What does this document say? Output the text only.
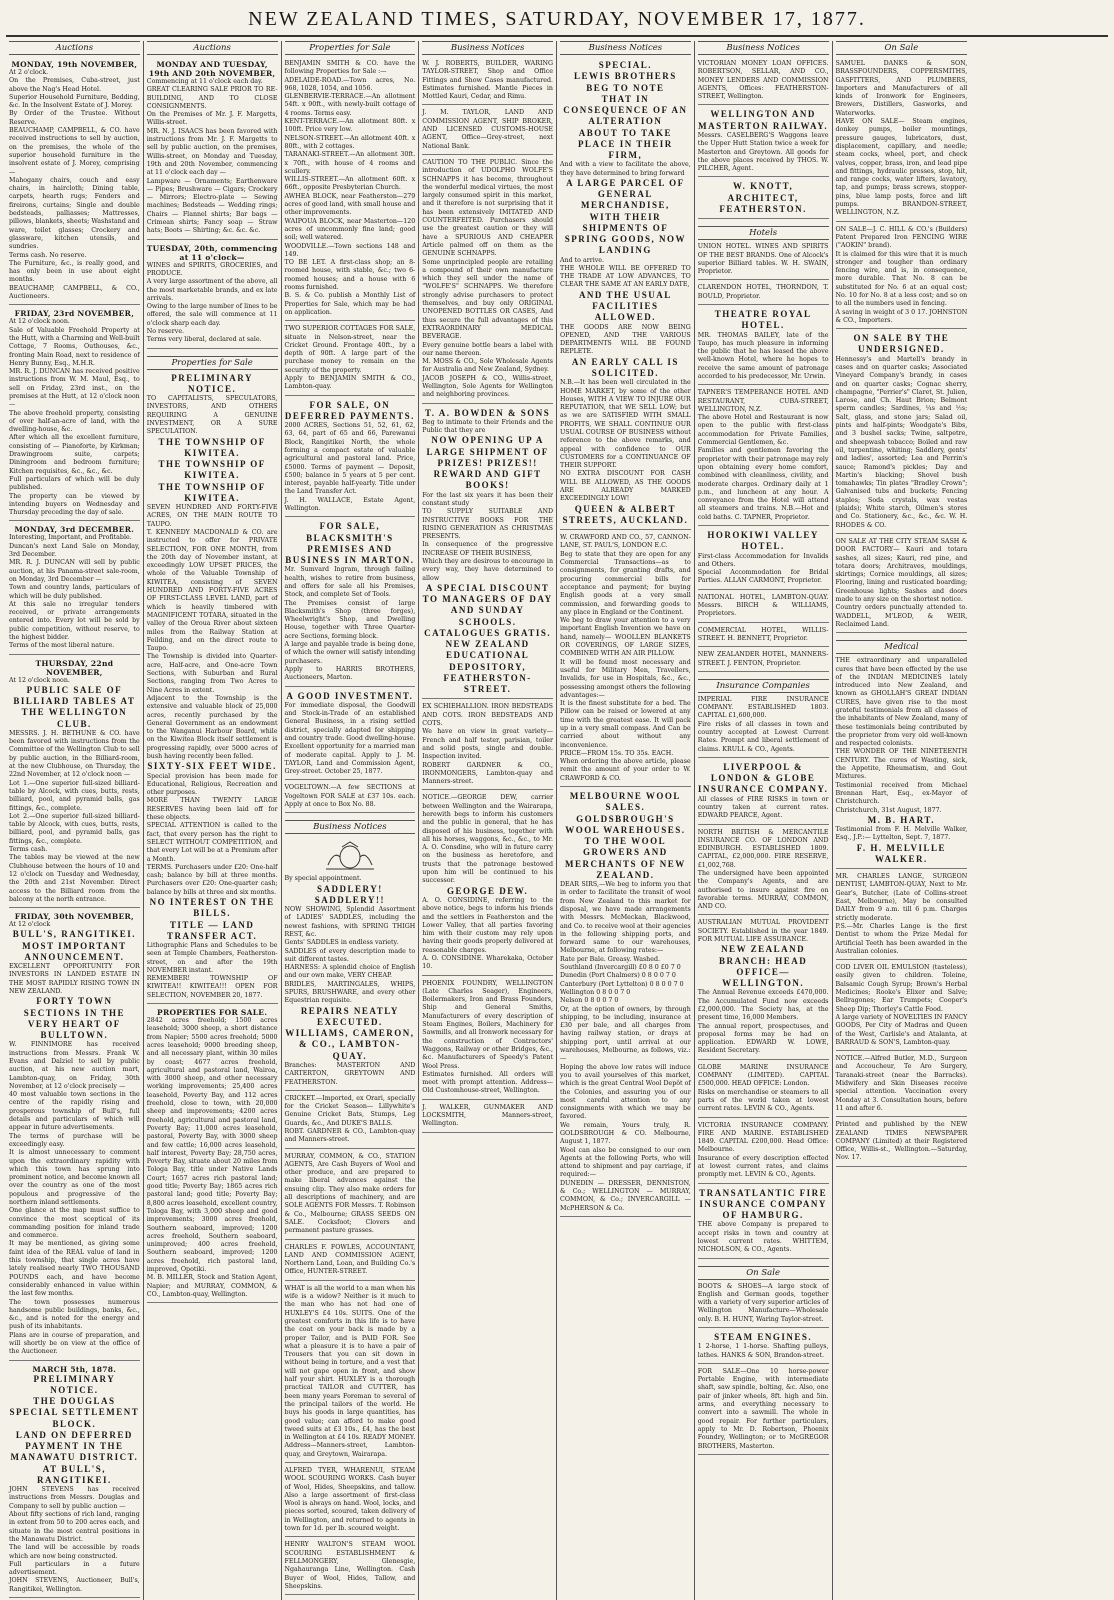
NEW ZEALAND TIMES, SATURDAY, NOVEMBER 17, 1877.
Auctions
MONDAY, 19th NOVEMBER,
At 2 o'clock.
On the Premises, Cuba-street, just above the Nag's Head Hotel.
Superior Household Furniture, Bedding, &c. In the Insolvent Estate of J. Morey.
By Order of the Trustee. Without Reserve.
BEAUCHAMP, CAMPBELL, & CO. have received instructions to sell by auction, on the premises, the whole of the superior household furniture in the insolvent estate of J. Morey, comprising —
Mahogany chairs, couch and easy chairs, in haircloth; Dining table, carpets, hearth rugs; Fenders and fireirons, curtains; Single and double bedsteads, palliasses; Mattresses, pillows, blankets, sheets; Washstand and ware, toilet glasses; Crockery and glassware, kitchen utensils, and sundries.
Terms cash. No reserve.
The Furniture, &c., is really good, and has only been in use about eight months.
BEAUCHAMP, CAMPBELL, & CO., Auctioneers.
FRIDAY, 23rd NOVEMBER,
At 12 o'clock noon.
Sale of Valuable Freehold Property at the Hutt, with a Charming and Well-built Cottage, 7 Rooms, Outhouses, &c., fronting Main Road, next to residence of Henry Bunny, Esq., M.H.R.
MR. R. J. DUNCAN has received positive instructions from W. M. Maul, Esq., to sell on Friday, 23rd inst., on the premises at the Hutt, at 12 o'clock noon —
The above freehold property, consisting of over half-an-acre of land, with the dwelling-house, &c.
After which all the excellent furniture, consisting of — Pianoforte, by Kirkman; Drawingroom suite, carpets; Diningroom and bedroom furniture; Kitchen requisites, &c., &c., &c.
Full particulars of which will be duly published.
The property can be viewed by intending buyers on Wednesday and Thursday preceding the day of sale.
MONDAY, 3rd DECEMBER.
Interesting, Important, and Profitable.
Duncan's next Land Sale on Monday, 3rd December.
MR. R. J. DUNCAN will sell by public auction, at his Panama-street sale-room, on Monday, 3rd December —
Town and country lands, particulars of which will be duly published.
At this sale no irregular tenders received, or private arrangements entered into. Every lot will be sold by public competition, without reserve, to the highest bidder.
Terms of the most liberal nature.
THURSDAY, 22nd NOVEMBER,
At 12 o'clock noon.
PUBLIC SALE OF BILLIARD TABLES AT THE WELLINGTON CLUB.
MESSRS. J. H. BETHUNE & CO. have been favored with instructions from the Committee of the Wellington Club to sell by public auction, in the Billiard-room, at the new Clubhouse, on Thursday, the 22nd November, at 12 o'clock noon —
Lot 1.—One superior full-sized billiard-table by Alcock, with cues, butts, rests, billiard, pool, and pyramid balls, gas fittings, &c., complete.
Lot 2.—One superior full-sized billiard-table by Alcock, with cues, butts, rests, billiard, pool, and pyramid balls, gas fittings, &c., complete.
Terms cash.
The tables may be viewed at the new Clubhouse between the hours of 10 and 12 o'clock on Tuesday and Wednesday, the 20th and 21st November. Direct access to the Billiard room from the balcony at the north entrance.
FRIDAY, 30th NOVEMBER,
At 12 o'clock
BULL'S, RANGITIKEI.
MOST IMPORTANT ANNOUNCEMENT.
EXCELLENT OPPORTUNITY FOR INVESTORS IN LANDED ESTATE IN THE MOST RAPIDLY RISING TOWN IN NEW ZEALAND.
FORTY TOWN SECTIONS IN THE VERY HEART OF BULLTOWN.
W. FINNIMORE has received instructions from Messrs. Frank W. Evans and Dalziel to sell by public auction, at his new auction mart, Lambton-quay, on Friday, 30th November, at 12 o'clock precisely —
40 most valuable town sections in the centre of the rapidly rising and prosperous township of Bull's, full details and particulars of which will appear in future advertisements.
The terms of purchase will be exceedingly easy.
It is almost unnecessary to comment upon the extraordinary rapidity with which this town has sprung into prominent notice, and become known all over the country as one of the most populous and progressive of the northern inland settlements.
One glance at the map must suffice to convince the most sceptical of its commanding position for inland trade and commerce.
It may be mentioned, as giving some faint idea of the REAL value of land in this township, that single acres have lately realised nearly TWO THOUSAND POUNDS each, and have become considerably enhanced in value within the last few months.
The town possesses numerous handsome public buildings, banks, &c., &c., and is noted for the energy and push of its inhabitants.
Plans are in course of preparation, and will shortly be on view at the office of the Auctioneer.
MARCH 5th, 1878.
PRELIMINARY NOTICE.
THE DOUGLAS SPECIAL SETTLEMENT BLOCK.
LAND ON DEFERRED PAYMENT IN THE MANAWATU DISTRICT.
AT BULL'S, RANGITIKEI.
JOHN STEVENS has received instructions from Messrs. Douglas and Company to sell by public auction —
About fifty sections of rich land, ranging in extent from 50 to 200 acres each, and situate in the most central positions in the Manawatu District.
The land will be accessible by roads which are now being constructed.
Full particulars in a future advertisement.
JOHN STEVENS, Auctioneer, Bull's, Rangitikei, Wellington.
Auctions
MONDAY AND TUESDAY, 19th AND 20th NOVEMBER,
Commencing at 11 o'clock each day.
GREAT CLEARING SALE PRIOR TO RE-BUILDING, AND TO CLOSE CONSIGNMENTS.
On the Premises of Mr. J. F. Margetts, Willis-street.
MR. N. J. ISAACS has been favored with instructions from Mr. J. F. Margetts to sell by public auction, on the premises, Willis-street, on Monday and Tuesday, 19th and 20th November, commencing at 11 o'clock each day —
Lampware — Ornaments; Earthenware — Pipes; Brushware — Cigars; Crockery — Mirrors; Electro-plate — Sewing machines; Bedsteads — Wedding rings; Chairs — Flannel shirts; Bar bags — Crimean shirts; Fancy soap — Straw hats; Boots — Shirting; &c. &c. &c.
TUESDAY, 20th, commencing at 11 o'clock—
WINES and SPIRITS, GROCERIES, and PRODUCE.
A very large assortment of the above, all the most marketable brands, and ex late arrivals.
Owing to the large number of lines to be offered, the sale will commence at 11 o'clock sharp each day.
No reserve.
Terms very liberal, declared at sale.
Properties for Sale
PRELIMINARY NOTICE.
TO CAPITALISTS, SPECULATORS, INVESTORS, AND OTHERS REQUIRING A GENUINE INVESTMENT, OR A SURE SPECULATION.
THE TOWNSHIP OF KIWITEA.
THE TOWNSHIP OF KIWITEA.
THE TOWNSHIP OF KIWITEA.
SEVEN HUNDRED AND FORTY-FIVE ACRES, ON THE MAIN ROUTE TO TAUPO.
T. KENNEDY MACDONALD & CO. are instructed to offer for PRIVATE SELECTION, FOR ONE MONTH, from the 20th day of November instant, at exceedingly LOW UPSET PRICES, the whole of the Valuable Township of KIWITEA, consisting of SEVEN HUNDRED AND FORTY-FIVE ACRES OF FIRST-CLASS LEVEL LAND, part of which is heavily timbered with MAGNIFICENT TOTARA, situated in the valley of the Oroua River about sixteen miles from the Railway Station at Feilding, and on the direct route to Taupo.
The Township is divided into Quarter-acre, Half-acre, and One-acre Town Sections, with Suburban and Rural Sections, ranging from Two Acres to Nine Acres in extent.
Adjacent to the Township is the extensive and valuable block of 25,000 acres, recently purchased by the General Government as an endowment to the Wanganui Harbour Board, while on the Kiwitea Block itself settlement is progressing rapidly, over 5000 acres of bush having recently been felled.
SIXTY-SIX FEET WIDE.
Special provision has been made for Educational, Religious, Recreation and other purposes.
MORE THAN TWENTY LARGE RESERVES having been laid off for these objects.
SPECIAL ATTENTION is called to the fact, that every person has the right to SELECT WITHOUT COMPETITION, and that every Lot will be at a Premium after a Month.
TERMS. Purchasers under £20: One-half cash; balance by bill at three months. Purchasers over £20: One-quarter cash; balance by bills at three and six months.
NO INTEREST ON THE BILLS.
TITLE — LAND TRANSFER ACT.
Lithographic Plans and Schedules to be seen at Temple Chambers, Featherston-street, on and after the 19th NOVEMBER instant.
REMEMBER! TOWNSHIP OF KIWITEA!! KIWITEA!!! OPEN FOR SELECTION, NOVEMBER 20, 1877.
PROPERTIES FOR SALE.
2842 acres freehold; 1500 acres leasehold; 3000 sheep, a short distance from Napier; 5500 acres freehold; 5000 acres leasehold; 9000 breeding sheep, and all necessary plant, within 30 miles by coast; 4677 acres freehold, agricultural and pastoral land, Wairoa, with 3000 sheep, and other necessary working improvements; 25,400 acres leasehold, Poverty Bay, and 112 acres freehold, close to town, with 20,000 sheep and improvements; 4200 acres freehold, agricultural and pastoral land, Poverty Bay; 11,000 acres leasehold, pastoral, Poverty Bay, with 3000 sheep and few cattle; 16,000 acres leasehold, half interest, Poverty Bay; 28,750 acres, Poverty Bay, situate about 20 miles from Tologa Bay, title under Native Lands Court; 1657 acres rich pastoral land; good title; Poverty Bay; 1865 acres rich pastoral land; good title; Poverty Bay; 8,800 acres leasehold, excellent country, Tologa Bay, with 3,000 sheep and good improvements; 3000 acres freehold, Southern seaboard, improved; 1200 acres freehold, Southern seaboard, unimproved; 400 acres freehold, Southern seaboard, improved; 1200 acres freehold, rich pastoral land, improved, Opotiki.
M. B. MILLER, Stock and Station Agent, Napier; and MURRAY, COMMON, & CO., Lambton-quay, Wellington.
Properties for Sale
BENJAMIN SMITH & CO. have the following Properties for Sale :—
ADELAIDE-ROAD.—Town acres, No. 968, 1028, 1054, and 1056.
GLENBERVIE-TERRACE.—An allotment 54ft. x 90ft., with newly-built cottage of 4 rooms. Terms easy.
KENT-TERRACE.—An allotment 80ft. x 100ft. Price very low.
NELSON-STREET.—An allotment 40ft. x 80ft., with 2 cottages.
TARANAKI-STREET.—An allotment 30ft. x 70ft., with house of 4 rooms and scullery.
WILLIS-STREET.—An allotment 60ft. x 66ft., opposite Presbyterian Church.
AWHEA BLOCK, near Featherston—279 acres of good land, with small house and other improvements.
WAIPOUA BLOCK, near Masterton—120 acres of uncommonly fine land; good soil; well watered.
WOODVILLE.—Town sections 148 and 149.
TO BE LET. A first-class shop; an 8-roomed house, with stable, &c.; two 6-roomed houses; and a house with 6 rooms furnished.
B. S. & Co. publish a Monthly List of Properties for Sale, which may be had on application.
TWO SUPERIOR COTTAGES FOR SALE, situate in Nelson-street, near the Cricket Ground. Frontage 40ft., by a depth of 90ft. A large part of the purchase money to remain on the security of the property.
Apply to BENJAMIN SMITH & CO., Lambton-quay.
FOR SALE, ON DEFERRED PAYMENTS.
2000 ACRES, Sections 51, 52, 61, 62, 63, 64, part of 65 and 66, Parewanui Block, Rangitikei North, the whole forming a compact estate of valuable agricultural and pastoral land. Price, £5000. Terms of payment — Deposit, £500; balance in 5 years at 5 per cent. interest, payable half-yearly. Title under the Land Transfer Act.
J. H. WALLACE, Estate Agent, Wellington.
FOR SALE, BLACKSMITH'S PREMISES AND BUSINESS IN MARTON.
Mr. Sumvard Ingram, through failing health, wishes to retire from business, and offers for sale all his Premises, Stock, and complete Set of Tools.
The Premises consist of large Blacksmith's Shop (three forges), Wheelwright's Shop, and Dwelling House, together with Three Quarter-acre Sections, forming block.
A large and payable trade is being done, of which the owner will satisfy intending purchasers.
Apply to HARRIS BROTHERS, Auctioneers, Marton.
A GOOD INVESTMENT.
For immediate disposal, the Goodwill and Stock-in-Trade of an established General Business, in a rising settled district, specially adapted for shipping and country trade. Good dwelling-house. Excellent opportunity for a married man of moderate capital. Apply to J. M. TAYLOR, Land and Commission Agent, Grey-street. October 25, 1877.
VOGELTOWN.—A few SECTIONS at Vogeltown FOR SALE at £37 10s. each. Apply at once to Box No. 88.
Business Notices
By special appointment.
SADDLERY! SADDLERY!!
NOW SHOWING, Splendid Assortment of LADIES' SADDLES, including the newest fashions, with SPRING THIGH REST, &c.
Gents' SADDLES in endless variety.
SADDLES of every description made to suit different tastes.
HARNESS: A splendid choice of English and our own make, VERY CHEAP.
BRIDLES, MARTINGALES, WHIPS, SPURS, BRUSHWARE, and every other Equestrian requisite.
REPAIRS NEATLY EXECUTED.
WILLIAMS, CAMERON, & CO., LAMBTON-QUAY.
Branches: MASTERTON AND CARTERTON, GREYTOWN AND FEATHERSTON.
CRICKET.—Imported, ex Orari, specially for the Cricket Season— Lillywhite's Genuine Cricket Bats, Stumps, Leg Guards, &c., And DUKE'S BALLS.
ROBT. GARDNER & CO., Lambton-quay and Manners-street.
MURRAY, COMMON, & CO., STATION AGENTS, Are Cash Buyers of Wool and other produce, and are prepared to make liberal advances against the ensuing clip. They also make orders for all descriptions of machinery, and are SOLE AGENTS FOR Messrs. T. Robinson & Co., Melbourne; GRASS SEEDS ON SALE. Cocksfoot; Clovers and permanent pasture grasses.
CHARLES F. FOWLES, ACCOUNTANT, LAND AND COMMISSION AGENT, Northern Land, Loan, and Building Co.'s Office, HUNTER-STREET.
WHAT is all the world to a man when his wife is a widow? Neither is it much to the man who has not had one of HUXLEY'S £4 10s. SUITS. One of the greatest comforts in this life is to have the coat on your back is made by a proper Tailor, and is PAID FOR. See what a pleasure it is to have a pair of Trousers that you can sit down in without being in torture, and a vest that will not gape open in front, and show half your shirt. HUXLEY is a thorough practical TAILOR and CUTTER, has been many years Foreman to several of the principal tailors of the world. He buys his goods in large quantities, has good value; can afford to make good tweed suits at £3 10s., £4, has the best in Wellington at £4 10s. READY MONEY. Address—Manners-street, Lambton-quay, and Greytown, Wairarapa.
ALFRED TYER, WHARENUI, STEAM WOOL SCOURING WORKS. Cash buyer of Wool, Hides, Sheepskins, and tallow. Also a large assortment of first-class Wool is always on hand. Wool, locks, and pieces sorted, scoured, taken delivery of in Wellington, and returned to agents in town for 1d. per lb. scoured weight.
HENRY WALTON'S STEAM WOOL SCOURING ESTABLISHMENT & FELLMONGERY, Glenesgie, Ngahauranga Line, Wellington. Cash Buyer of Wool, Hides, Tallow, and Sheepskins.
Business Notices
W. J. ROBERTS, BUILDER, WARING TAYLOR-STREET, Shop and Office Fittings and Show Cases manufactured. Estimates furnished. Mantle Pieces in Mottled Kauri, Cedar, and Rimu.
J. M. TAYLOR, LAND AND COMMISSION AGENT, SHIP BROKER, AND LICENSED CUSTOMS-HOUSE AGENT, Office—Grey-street, next National Bank.
CAUTION TO THE PUBLIC. Since the introduction of UDOLPHO WOLFE'S SCHNAPPS it has become, throughout the wonderful medical virtues, the most largely consumed spirit in this market, and it therefore is not surprising that it has been extensively IMITATED AND COUNTERFEITED. Purchasers should use the greatest caution or they will have a SPURIOUS AND CHEAPER Article palmed off on them as the GENUINE SCHNAPPS.
Some unprincipled people are retailing a compound of their own manufacture which they sell under the name of "WOLFE'S" SCHNAPPS. We therefore strongly advise purchasers to protect themselves, and buy only ORIGINAL UNOPENED BOTTLES OR CASES, And thus secure the full advantages of this EXTRAORDINARY MEDICAL BEVERAGE.
Every genuine bottle bears a label with our name thereon.
M. MOSS & CO., Sole Wholesale Agents for Australia and New Zealand, Sydney.
JACOB JOSEPH & CO., Willis-street, Wellington, Sole Agents for Wellington and neighboring provinces.
T. A. BOWDEN & SONS
Beg to intimate to their Friends and the Public that they are
NOW OPENING UP A LARGE SHIPMENT OF PRIZES! PRIZES!!
REWARD AND GIFT BOOKS!
For the last six years it has been their constant study
TO SUPPLY SUITABLE AND INSTRUCTIVE BOOKS FOR THE RISING GENERATION AS CHRISTMAS PRESENTS.
In consequence of the progressive INCREASE OF THEIR BUSINESS,
Which they are desirous to encourage in every way, they have determined to allow
A SPECIAL DISCOUNT TO MANAGERS OF DAY AND SUNDAY SCHOOLS.
CATALOGUES GRATIS.
NEW ZEALAND EDUCATIONAL DEPOSITORY, FEATHERSTON-STREET.
EX SCHIEHALLION. IRON BEDSTEADS AND COTS. IRON BEDSTEADS AND COTS.
We have on view in great variety— French and half tester, parisian, toiler and solid posts, single and double. Inspection invited.
ROBERT GARDNER & CO., IRONMONGERS, Lambton-quay and Manners-street.
NOTICE.—GEORGE DEW, carrier between Wellington and the Wairarapa, herewith begs to inform his customers and the public in general, that he has disposed of his business, together with all his horses, waggons, &c., &c., to Mr. A. O. Consdine, who will in future carry on the business as heretofore, and trusts that the patronage bestowed upon him will be continued to his successor.
GEORGE DEW.
A. O. CONSIDINE, referring to the above notice, begs to inform his friends and the settlers in Featherston and the Lower Valley, that all parties favoring him with their custom may rely upon having their goods properly delivered at reasonable charges.
A. O. CONSIDINE. Wharekaka, October 10.
PHOENIX FOUNDRY, WELLINGTON (Late Charles Seager), Engineers, Boilermakers, Iron and Brass Founders, Ship and General Smiths, Manufacturers of every description of Steam Engines, Boilers, Machinery for Sawmills, and all Ironwork necessary for the construction of Contractors' Waggons, Railway or other Bridges, &c., &c. Manufacturers of Speedy's Patent Wool Press.
Estimates furnished. All orders will meet with prompt attention. Address—Old Customhouse-street, Wellington.
J. WALKER, GUNMAKER AND LOCKSMITH, Manners-street, Wellington.
Business Notices
SPECIAL.
LEWIS BROTHERS
BEG TO NOTE
THAT IN CONSEQUENCE OF AN ALTERATION
ABOUT TO TAKE PLACE IN THEIR FIRM,
And with a view to facilitate the above, they have determined to bring forward
A LARGE PARCEL OF
GENERAL MERCHANDISE,
WITH THEIR SHIPMENTS OF SPRING GOODS, NOW LANDING
And to arrive.
THE WHOLE WILL BE OFFERED TO THE TRADE AT LOW ADVANCES, TO CLEAR THE SAME AT AN EARLY DATE,
AND THE USUAL FACILITIES ALLOWED.
THE GOODS ARE NOW BEING OPENED, AND THE VARIOUS DEPARTMENTS WILL BE FOUND REPLETE.
AN EARLY CALL IS SOLICITED.
N.B.—It has been well circulated in the HOME MARKET, by some of the other Houses, WITH A VIEW TO INJURE OUR REPUTATION, that WE SELL LOW; but as we are SATISFIED WITH SMALL PROFITS, WE SHALL CONTINUE OUR USUAL COURSE OF BUSINESS without reference to the above remarks, and appeal with confidence to OUR CUSTOMERS for a CONTINUANCE OF THEIR SUPPORT.
NO EXTRA DISCOUNT FOR CASH WILL BE ALLOWED, AS THE GOODS ARE ALREADY MARKED EXCEEDINGLY LOW!
QUEEN & ALBERT STREETS, AUCKLAND.
W. CRAWFORD AND CO., 57, CANNON-LANE, ST. PAUL'S, LONDON E.C.
Beg to state that they are open for any Commercial Transactions—as to consignments, for granting drafts, and procuring commercial bills for acceptance and payment; for buying English goods at a very small commission, and forwarding goods to any place in England or the Continent.
We beg to draw your attention to a very important English Invention we have on hand, namely— WOOLLEN BLANKETS OR COVERINGS, OF LARGE SIZES, COMBINED WITH AN AIR PILLOW.
It will be found most necessary and useful for Military Men, Travellers, Invalids, for use in Hospitals, &c., &c., possessing amongst others the following advantages:—
It is the finest substitute for a bed. The Pillow can be raised or lowered at any time with the greatest ease. It will pack up in a very small compass. And Can be carried about without any inconvenience.
PRICE—FROM 15s. TO 35s. EACH.
When ordering the above article, please remit the amount of your order to W. CRAWFORD & CO.
MELBOURNE WOOL SALES.
GOLDSBROUGH'S WOOL WAREHOUSES.
TO THE WOOL GROWERS AND MERCHANTS OF NEW ZEALAND.
DEAR SIRS,—We beg to inform you that in order to facilitate the transit of wool from New Zealand to this market for disposal, we have made arrangements with Messrs. McMeckan, Blackwood, and Co. to receive wool at their agencies in the following shipping ports, and forward same to our warehouses, Melbourne, at following rates:—
Rate per Bale. Greasy. Washed.
Southland (Invercargill) £0 8 0 £0 7 0
Dunedin (Port Chalmers) 0 8 0 0 7 0
Canterbury (Port Lyttelton) 0 8 0 0 7 0
Wellington 0 8 0 0 7 0
Nelson 0 8 0 0 7 0
Or, at the option of owners, by through shipping, to be including, insurance at £30 per bale, and all charges from having railway station, or drays at shipping port, until arrival at our warehouses, Melbourne, as follows, viz.:—
Hoping the above low rates will induce you to avail yourselves of this market, which is the great Central Wool Depôt of the Colonies, and assuring you of our most careful attention to any consignments with which we may be favored.
We remain, Yours truly, R. GOLDSBROUGH & CO. Melbourne, August 1, 1877.
Wool can also be consigned to our own Agents at the following Ports, who will attend to shipment and pay carriage, if required:—
DUNEDIN — DRESSER, DENNISTON, & Co.; WELLINGTON — MURRAY, COMMON, & Co.; INVERCARGILL — McPHERSON & Co.
Business Notices
VICTORIAN MONEY LOAN OFFICES. ROBERTSON, SELLAR, AND CO., MONEY LENDERS AND COMMISSION AGENTS, Offices: FEATHERSTON-STREET, Wellington.
WELLINGTON AND MASTERTON RAILWAY.
Messrs. CASELBERG'S Waggons leave the Upper Hutt Station twice a week for Masterton and Greytown. All goods for the above places received by THOS. W. PILCHER, Agent.
W. KNOTT, ARCHITECT, FEATHERSTON.
Hotels
UNION HOTEL. WINES AND SPIRITS OF THE BEST BRANDS. One of Alcock's superior Billiard tables. W. H. SWAIN, Proprietor.
CLARENDON HOTEL, THORNDON, T. BOULD, Proprietor.
THEATRE ROYAL HOTEL.
MR. THOMAS BAILEY, late of the Taupo, has much pleasure in informing the public that he has leased the above well-known Hotel, where he hopes to receive the same amount of patronage accorded to his predecessor, Mr. Urwin.
TAPNER'S TEMPERANCE HOTEL AND RESTAURANT, CUBA-STREET, WELLINGTON, N.Z.
The above Hotel and Restaurant is now open to the public with first-class accommodation for Private Families, Commercial Gentlemen, &c.
Families and gentlemen favoring the proprietor with their patronage may rely upon obtaining every home comfort, combined with cleanliness, civility, and moderate charges. Ordinary daily at 1 p.m., and luncheon at any hour. A conveyance from the Hotel will attend all steamers and trains. N.B.—Hot and cold baths. C. TAPNER, Proprietor.
HOROKIWI VALLEY HOTEL.
First-class Accommodation for Invalids and Others.
Special Accommodation for Bridal Parties. ALLAN CARMONT, Proprietor.
NATIONAL HOTEL, LAMBTON-QUAY. Messrs. BIRCH & WILLIAMS, Proprietors.
COMMERCIAL HOTEL, WILLIS-STREET. H. BENNETT, Proprietor.
NEW ZEALANDER HOTEL, MANNERS-STREET. J. FENTON, Proprietor.
Insurance Companies
IMPERIAL FIRE INSURANCE COMPANY. ESTABLISHED 1803. CAPITAL £1,600,000.
Fire risks of all classes in town and country accepted at Lowest Current Rates. Prompt and liberal settlement of claims. KRULL & CO., Agents.
LIVERPOOL & LONDON & GLOBE INSURANCE COMPANY.
All classes of FIRE RISKS in town or country taken at current rates. EDWARD PEARCE, Agent.
NORTH BRITISH & MERCANTILE INSURANCE CO. OF LONDON AND EDINBURGH. ESTABLISHED 1809. CAPITAL, £2,000,000. FIRE RESERVE, £1,002,768.
The undersigned have been appointed the Company's Agents, and are authorised to insure against fire on favorable terms. MURRAY, COMMON, AND CO.
AUSTRALIAN MUTUAL PROVIDENT SOCIETY. Established in the year 1849. FOR MUTUAL LIFE ASSURANCE.
NEW ZEALAND BRANCH: HEAD OFFICE—WELLINGTON.
The Annual Revenue exceeds £470,000. The Accumulated Fund now exceeds £2,000,000. The Society has, at the present time, 16,000 Members.
The annual report, prospectuses, and proposal forms may be had on application. EDWARD W. LOWE, Resident Secretary.
GLOBE MARINE INSURANCE COMPANY (LIMITED). CAPITAL £500,000. HEAD OFFICE: London.
Risks on merchandise or steamers to all parts of the world taken at lowest current rates. LEVIN & CO., Agents.
VICTORIA INSURANCE COMPANY. FIRE AND MARINE. ESTABLISHED 1849. CAPITAL £200,000. Head Office: Melbourne.
Insurance of every description effected at lowest current rates, and claims promptly met. LEVIN & CO., Agents.
TRANSATLANTIC FIRE INSURANCE COMPANY OF HAMBURG.
THE above Company is prepared to accept risks in town and country at lowest current rates. WHITTEM, NICHOLSON, & CO., Agents.
On Sale
BOOTS & SHOES—A large stock of English and German goods, together with a variety of very superior articles of Wellington Manufacture—Wholesale only. B. H. HUNT, Waring Taylor-street.
STEAM ENGINES.
1 2-horse, 1 1-horse. Shafting pulleys, lathes. HANKS & SON, Brandon-street.
FOR SALE—One 10 horse-power Portable Engine, with intermediate shaft, saw spindle, bolting, &c. Also, one pair of jinker wheels, 8ft. high and 5in. arms, and everything necessary to convert into a sawmill. The whole in good repair. For further particulars, apply to Mr. D. Robertson, Phoenix Foundry, Wellington; or to McGREGOR BROTHERS, Masterton.
On Sale
SAMUEL DANKS & SON, BRASSFOUNDERS, COPPERSMITHS, GASFITTERS, AND PLUMBERS, Importers and Manufacturers of all kinds of Ironwork for Engineers, Brewers, Distillers, Gasworks, and Waterworks.
HAVE ON SALE— Steam engines, donkey pumps, boiler mountings, pressure gauges, lubricators, dust, displacement, capillary, and needle; steam cocks, wheel, port, and check valves, copper, brass, iron, and lead pipe and fittings, hydraulic presses, stop, hit, and range cocks, water lifters, lavatory, tap, and pumps; brass screws, stopper-pins, blue lamp posts, force and lift pumps. BRANDON-STREET, WELLINGTON, N.Z.
ON SALE—J. C. HILL & CO.'s (Builders) Patent Prepared Iron FENCING WIRE ("AOKIN" brand).
It is claimed for this wire that it is much stronger and tougher than ordinary fencing wire, and is, in consequence, more durable. That No. 8 can be substituted for No. 6 at an equal cost; No. 10 for No. 8 at a less cost; and so on to all the numbers used in fencing.
A saving in weight of 3 0 17. JOHNSTON & CO., Importers.
ON SALE BY THE UNDERSIGNED.
Hennessy's and Martell's brandy in cases and on quarter casks; Associated Vineyard Company's brandy, in cases and on quarter casks; Cognac sherry, champagne, "Perrier's" Claret, St. Julien, Larose, and Ch. Haut Brion; Belmont sperm candles; Sardines, ¼s and ½s; Salt, glass, and stone jars; Salad oil, pints and half-pints; Woodgate's Bibs, and 3 bushel sacks; Twine, saltpetre, and sheepwash tobacco; Boiled and raw oil, turpentine, whiting; Saddlery, gents' and ladies', assorted; Lea and Perrin's sauce; Ramond's pickles; Day and Martin's blacking; Shovel bush tomahawks; Tin plates "Bradley Crown"; Galvanised tubs and buckets; Fencing staples; Soda crystals, wax vestas (plaids); White starch, Oilmen's stores and Co. Stationery, &c., &c., &c. W. H. RHODES & CO.
ON SALE AT THE CITY STEAM SASH & DOOR FACTORY— Kauri and totara sashes, all sizes; Kauri, red pine, and totara doors; Architraves, mouldings, skirtings; Cornice mouldings, all sizes; Flooring, lining and rusticated boarding; Greenhouse lights; Sashes and doors made to any size on the shortest notice.
Country orders punctually attended to. WADDELL, M'LEOD, & WEIR, Reclaimed Land.
Medical
THE extraordinary and unparalleled cures that have been effected by the use of the INDIAN MEDICINES lately introduced into New Zealand, and known as GHOLLAH'S GREAT INDIAN CURES, have given rise to the most grateful testimonials from all classes of the inhabitants of New Zealand, many of these testimonials being contributed by the proprietor from very old well-known and respected colonists.
THE WONDER OF THE NINETEENTH CENTURY. The cures of Wasting, sick, the Appetite, Rheumatism, and Gout Mixtures.
Testimonial received from Michael Brennan Hart, Esq., ex-Mayor of Christchurch.
Christchurch, 31st August, 1877.
M. B. HART.
Testimonial from F. H. Melville Walker, Esq., J.P.:— Lyttelton, Sept. 7, 1877.
F. H. MELVILLE WALKER.
MR. CHARLES LANGE, SURGEON DENTIST, LAMBTON-QUAY, Next to Mr. Gear's, Butcher, (Late of Collins-street East, Melbourne), May be consulted DAILY from 9 a.m. till 6 p.m. Charges strictly moderate.
P.S.—Mr. Charles Lange is the first Dentist to whom the Prize Medal for Artificial Teeth has been awarded in the Australian colonies.
COD LIVER OIL EMULSION (tasteless), easily given to children. Toleine, Balsamic Cough Syrup; Brown's Herbal Medicines; Rooke's Elixer and Salve; Bellragones; Ear Trumpets; Cooper's Sheep Dip; Thorley's Cattle Food.
A large variety of NOVELTIES IN FANCY GOODS, Per City of Madras and Queen of the West, Carlisle's and Atalanta, at BARRAUD & SON'S, Lambton-quay.
NOTICE.—Alfred Butler, M.D., Surgeon and Accoucheur, Te Aro Surgery, Taranaki-street (near the Barracks). Midwifery and Skin Diseases receive special attention. Vaccination every Monday at 3. Consultation hours, before 11 and after 6.
Printed and published by the NEW ZEALAND TIMES NEWSPAPER COMPANY (Limited) at their Registered Office, Willis-st., Wellington.—Saturday, Nov. 17.
